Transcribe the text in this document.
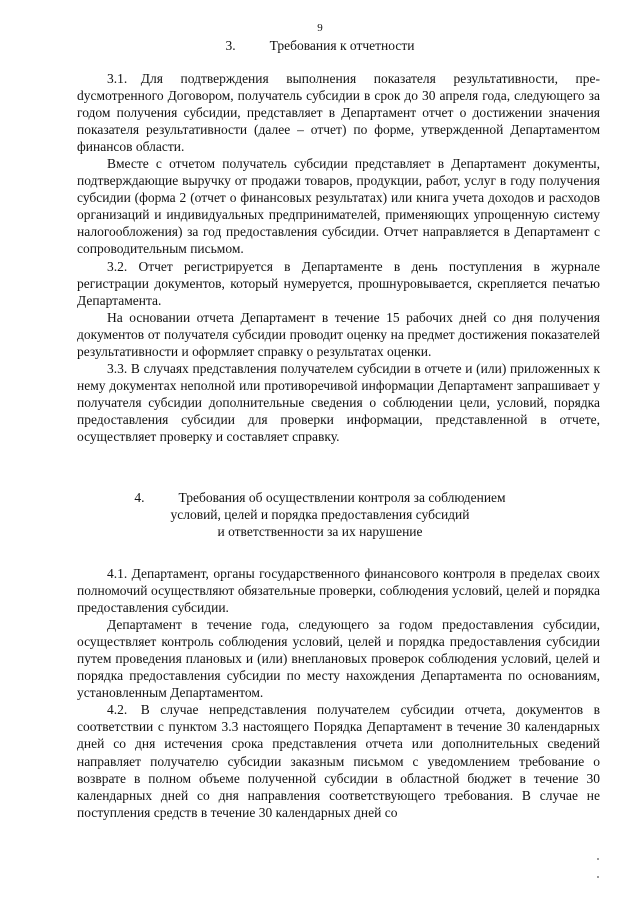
9
3.	Требования к отчетности

3.1. Для подтверждения выполнения показателя результативности, преdусмотренного Договором, получатель субсидии в срок до 30 апреля года, следующего за годом получения субсидии, представляет в Департамент отчет о достижении значения показателя результативности (далее – отчет) по форме, утвержденной Департаментом финансов области.

Вместе с отчетом получатель субсидии представляет в Департамент документы, подтверждающие выручку от продажи товаров, продукции, работ, услуг в году получения субсидии (форма 2 (отчет о финансовых результатах) или книга учета доходов и расходов организаций и индивидуальных предпринимателей, применяющих упрощенную систему налогообложения) за год предоставления субсидии. Отчет направляется в Департамент с сопроводительным письмом.

3.2. Отчет регистрируется в Департаменте в день поступления в журнале регистрации документов, который нумеруется, прошнуровывается, скрепляется печатью Департамента.

На основании отчета Департамент в течение 15 рабочих дней со дня получения документов от получателя субсидии проводит оценку на предмет достижения показателей результативности и оформляет справку о результатах оценки.

3.3. В случаях представления получателем субсидии в отчете и (или) приложенных к нему документах неполной или противоречивой информации Департамент запрашивает у получателя субсидии дополнительные сведения о соблюдении цели, условий, порядка предоставления субсидии для проверки информации, представленной в отчете, осуществляет проверку и составляет справку.

4.	Требования об осуществлении контроля за соблюдением
условий, целей и порядка предоставления субсидий
и ответственности за их нарушение

4.1. Департамент, органы государственного финансового контроля в пределах своих полномочий осуществляют обязательные проверки, соблюдения условий, целей и порядка предоставления субсидии.

Департамент в течение года, следующего за годом предоставления субсидии, осуществляет контроль соблюдения условий, целей и порядка предоставления субсидии путем проведения плановых и (или) внеплановых проверок соблюдения условий, целей и порядка предоставления субсидии по месту нахождения Департамента по основаниям, установленным Департаментом.

4.2. В случае непредставления получателем субсидии отчета, документов в соответствии с пунктом 3.3 настоящего Порядка Департамент в течение 30 календарных дней со дня истечения срока представления отчета или дополнительных сведений направляет получателю субсидии заказным письмом с уведомлением требование о возврате в полном объеме полученной субсидии в областной бюджет в течение 30 календарных дней со дня направления соответствующего требования. В случае не поступления средств в течение 30 календарных дней со
